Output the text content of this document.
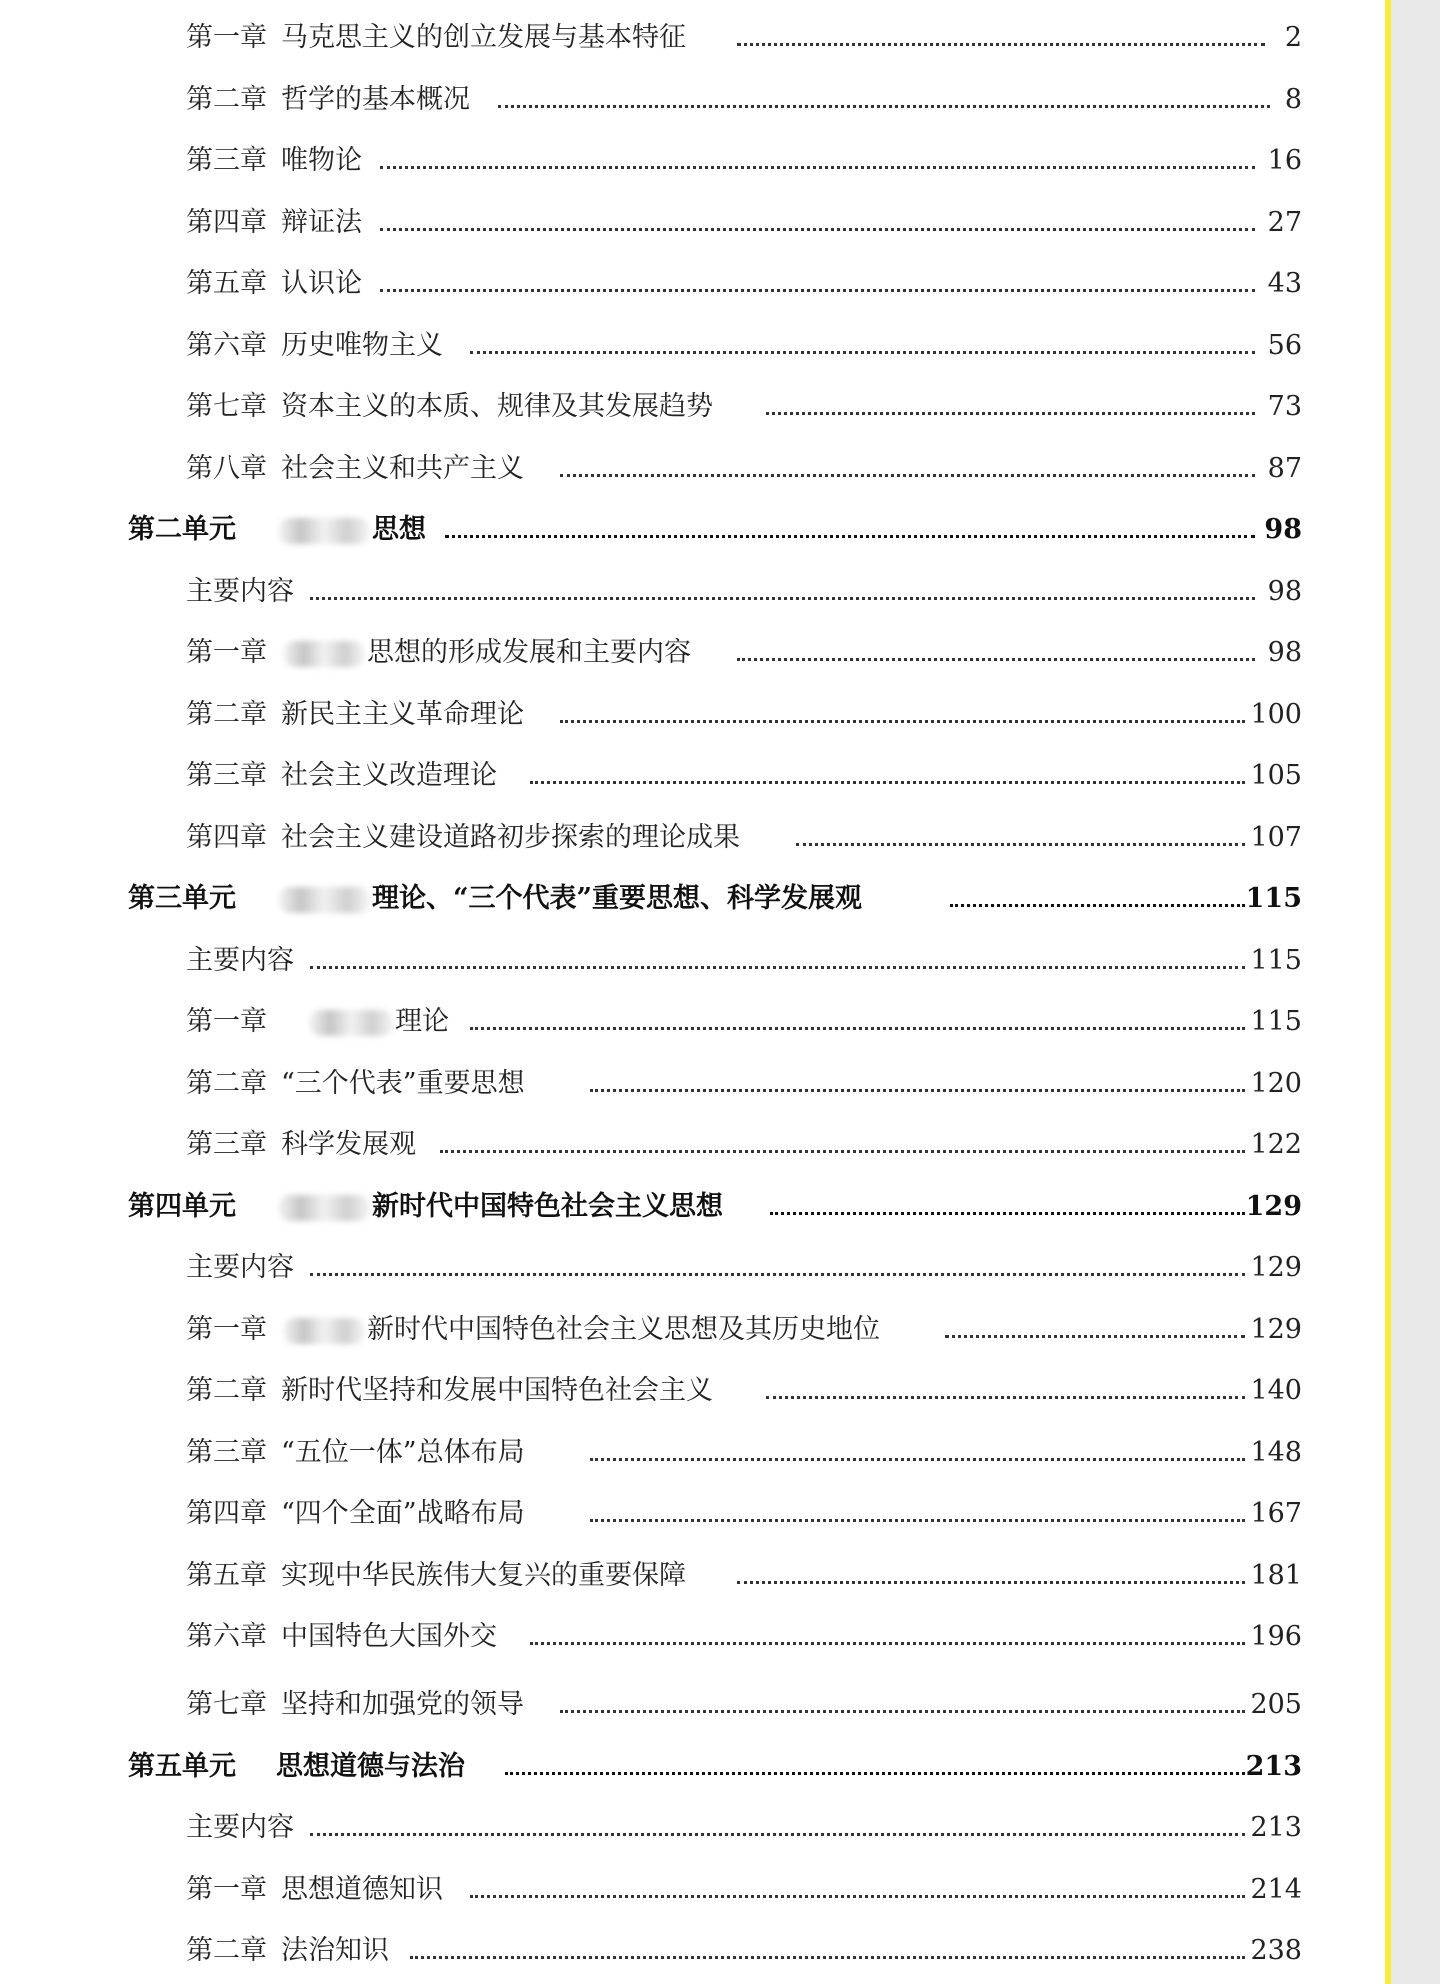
第一章 马克思主义的创立发展与基本特征	2
第二章 哲学的基本概况	8
第三章 唯物论	16
第四章 辩证法	27
第五章 认识论	43
第六章 历史唯物主义	56
第七章 资本主义的本质、规律及其发展趋势	73
第八章 社会主义和共产主义	87
第二单元	思想	98
主要内容	98
第一章	思想的形成发展和主要内容	98
第二章 新民主主义革命理论	100
第三章 社会主义改造理论	105
第四章 社会主义建设道路初步探索的理论成果	107
第三单元	理论、“三个代表”重要思想、科学发展观	115
主要内容	115
第一章	理论	115
第二章 “三个代表”重要思想	120
第三章 科学发展观	122
第四单元	新时代中国特色社会主义思想	129
主要内容	129
第一章	新时代中国特色社会主义思想及其历史地位	129
第二章 新时代坚持和发展中国特色社会主义	140
第三章 “五位一体”总体布局	148
第四章 “四个全面”战略布局	167
第五章 实现中华民族伟大复兴的重要保障	181
第六章 中国特色大国外交	196
第七章 坚持和加强党的领导	205
第五单元 思想道德与法治	213
主要内容	213
第一章 思想道德知识	214
第二章 法治知识	238
